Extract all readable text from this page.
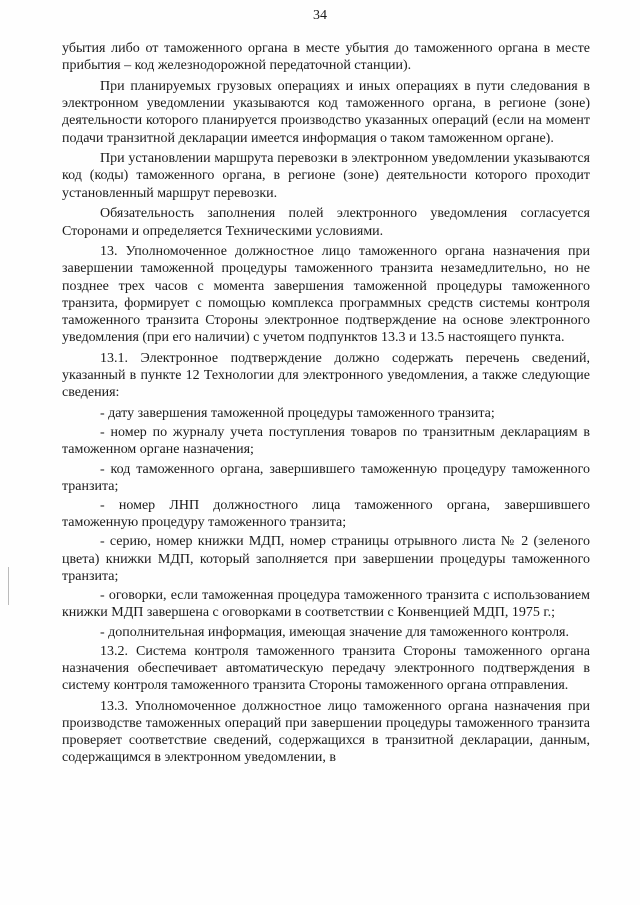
34

убытия либо от таможенного органа в месте убытия до таможенного органа в месте прибытия – код железнодорожной передаточной станции).

При планируемых грузовых операциях и иных операциях в пути следования в электронном уведомлении указываются код таможенного органа, в регионе (зоне) деятельности которого планируется производство указанных операций (если на момент подачи транзитной декларации имеется информация о таком таможенном органе).

При установлении маршрута перевозки в электронном уведомлении указываются код (коды) таможенного органа, в регионе (зоне) деятельности которого проходит установленный маршрут перевозки.

Обязательность заполнения полей электронного уведомления согласуется Сторонами и определяется Техническими условиями.

13. Уполномоченное должностное лицо таможенного органа назначения при завершении таможенной процедуры таможенного транзита незамедлительно, но не позднее трех часов с момента завершения таможенной процедуры таможенного транзита, формирует с помощью комплекса программных средств системы контроля таможенного транзита Стороны электронное подтверждение на основе электронного уведомления (при его наличии) с учетом подпунктов 13.3 и 13.5 настоящего пункта.

13.1. Электронное подтверждение должно содержать перечень сведений, указанный в пункте 12 Технологии для электронного уведомления, а также следующие сведения:

- дату завершения таможенной процедуры таможенного транзита;

- номер по журналу учета поступления товаров по транзитным декларациям в таможенном органе назначения;

- код таможенного органа, завершившего таможенную процедуру таможенного транзита;

- номер ЛНП должностного лица таможенного органа, завершившего таможенную процедуру таможенного транзита;

- серию, номер книжки МДП, номер страницы отрывного листа № 2 (зеленого цвета) книжки МДП, который заполняется при завершении процедуры таможенного транзита;

- оговорки, если таможенная процедура таможенного транзита с использованием книжки МДП завершена с оговорками в соответствии с Конвенцией МДП, 1975 г.;

- дополнительная информация, имеющая значение для таможенного контроля.

13.2. Система контроля таможенного транзита Стороны таможенного органа назначения обеспечивает автоматическую передачу электронного подтверждения в систему контроля таможенного транзита Стороны таможенного органа отправления.

13.3. Уполномоченное должностное лицо таможенного органа назначения при производстве таможенных операций при завершении процедуры таможенного транзита проверяет соответствие сведений, содержащихся в транзитной декларации, данным, содержащимся в электронном уведомлении, в
